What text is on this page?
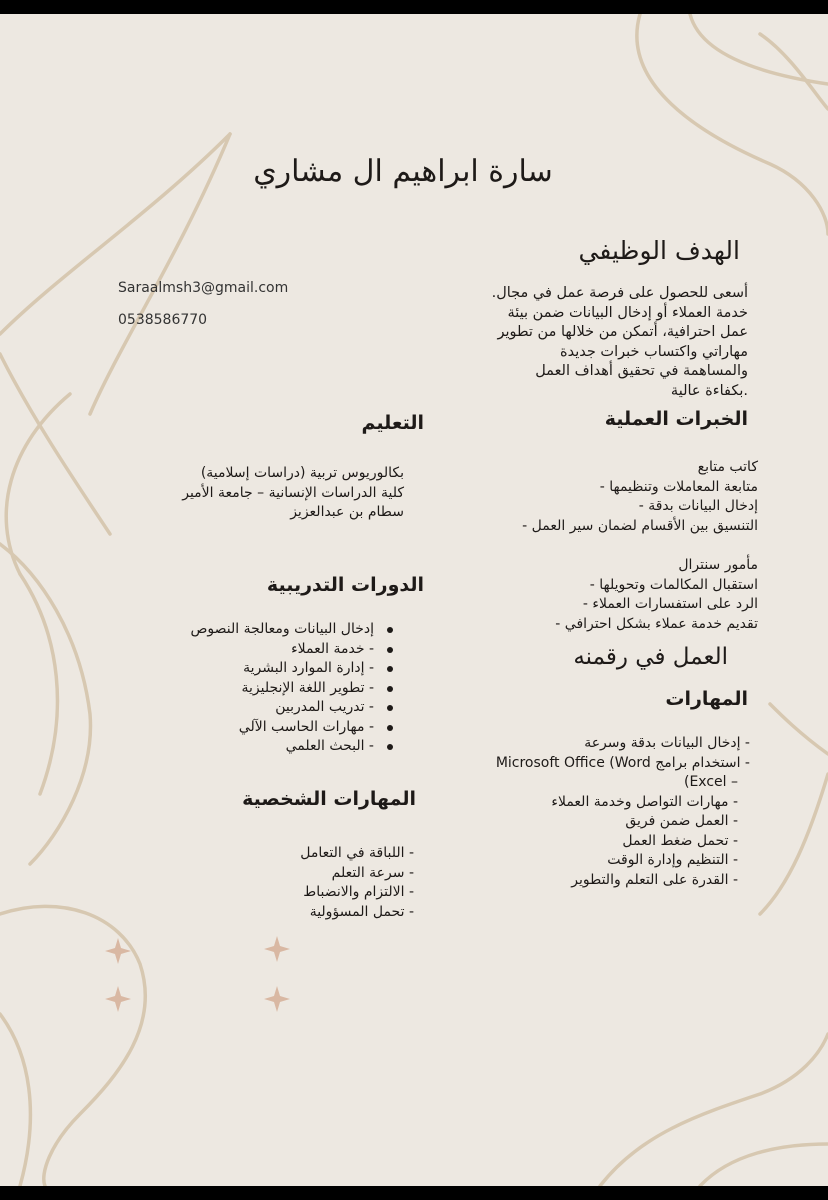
سارة ابراهيم ال مشاري
الهدف الوظيفي
Saraalmsh3@gmail.com
0538586770
أسعى للحصول على فرصة عمل في مجال.
خدمة العملاء أو إدخال البيانات ضمن بيئة
عمل احترافية، أتمكن من خلالها من تطوير
مهاراتي واكتساب خبرات جديدة
والمساهمة في تحقيق أهداف العمل
.بكفاءة عالية
الخبرات العملية
كاتب متابع
متابعة المعاملات وتنظيمها -
إدخال البيانات بدقة -
التنسيق بين الأقسام لضمان سير العمل -
مأمور سنترال
استقبال المكالمات وتحويلها -
الرد على استفسارات العملاء -
تقديم خدمة عملاء بشكل احترافي -
العمل في رقمنه
المهارات
- إدخال البيانات بدقة وسرعة
- استخدام برامج Microsoft Office (Word
– Excel)
- مهارات التواصل وخدمة العملاء
- العمل ضمن فريق
- تحمل ضغط العمل
- التنظيم وإدارة الوقت
- القدرة على التعلم والتطوير
التعليم
بكالوريوس تربية (دراسات إسلامية)
كلية الدراسات الإنسانية – جامعة الأمير
سطام بن عبدالعزيز
الدورات التدريبية
إدخال البيانات ومعالجة النصوص
- خدمة العملاء
- إدارة الموارد البشرية
- تطوير اللغة الإنجليزية
- تدريب المدربين
- مهارات الحاسب الآلي
- البحث العلمي
المهارات الشخصية
- اللباقة في التعامل
- سرعة التعلم
- الالتزام والانضباط
- تحمل المسؤولية
